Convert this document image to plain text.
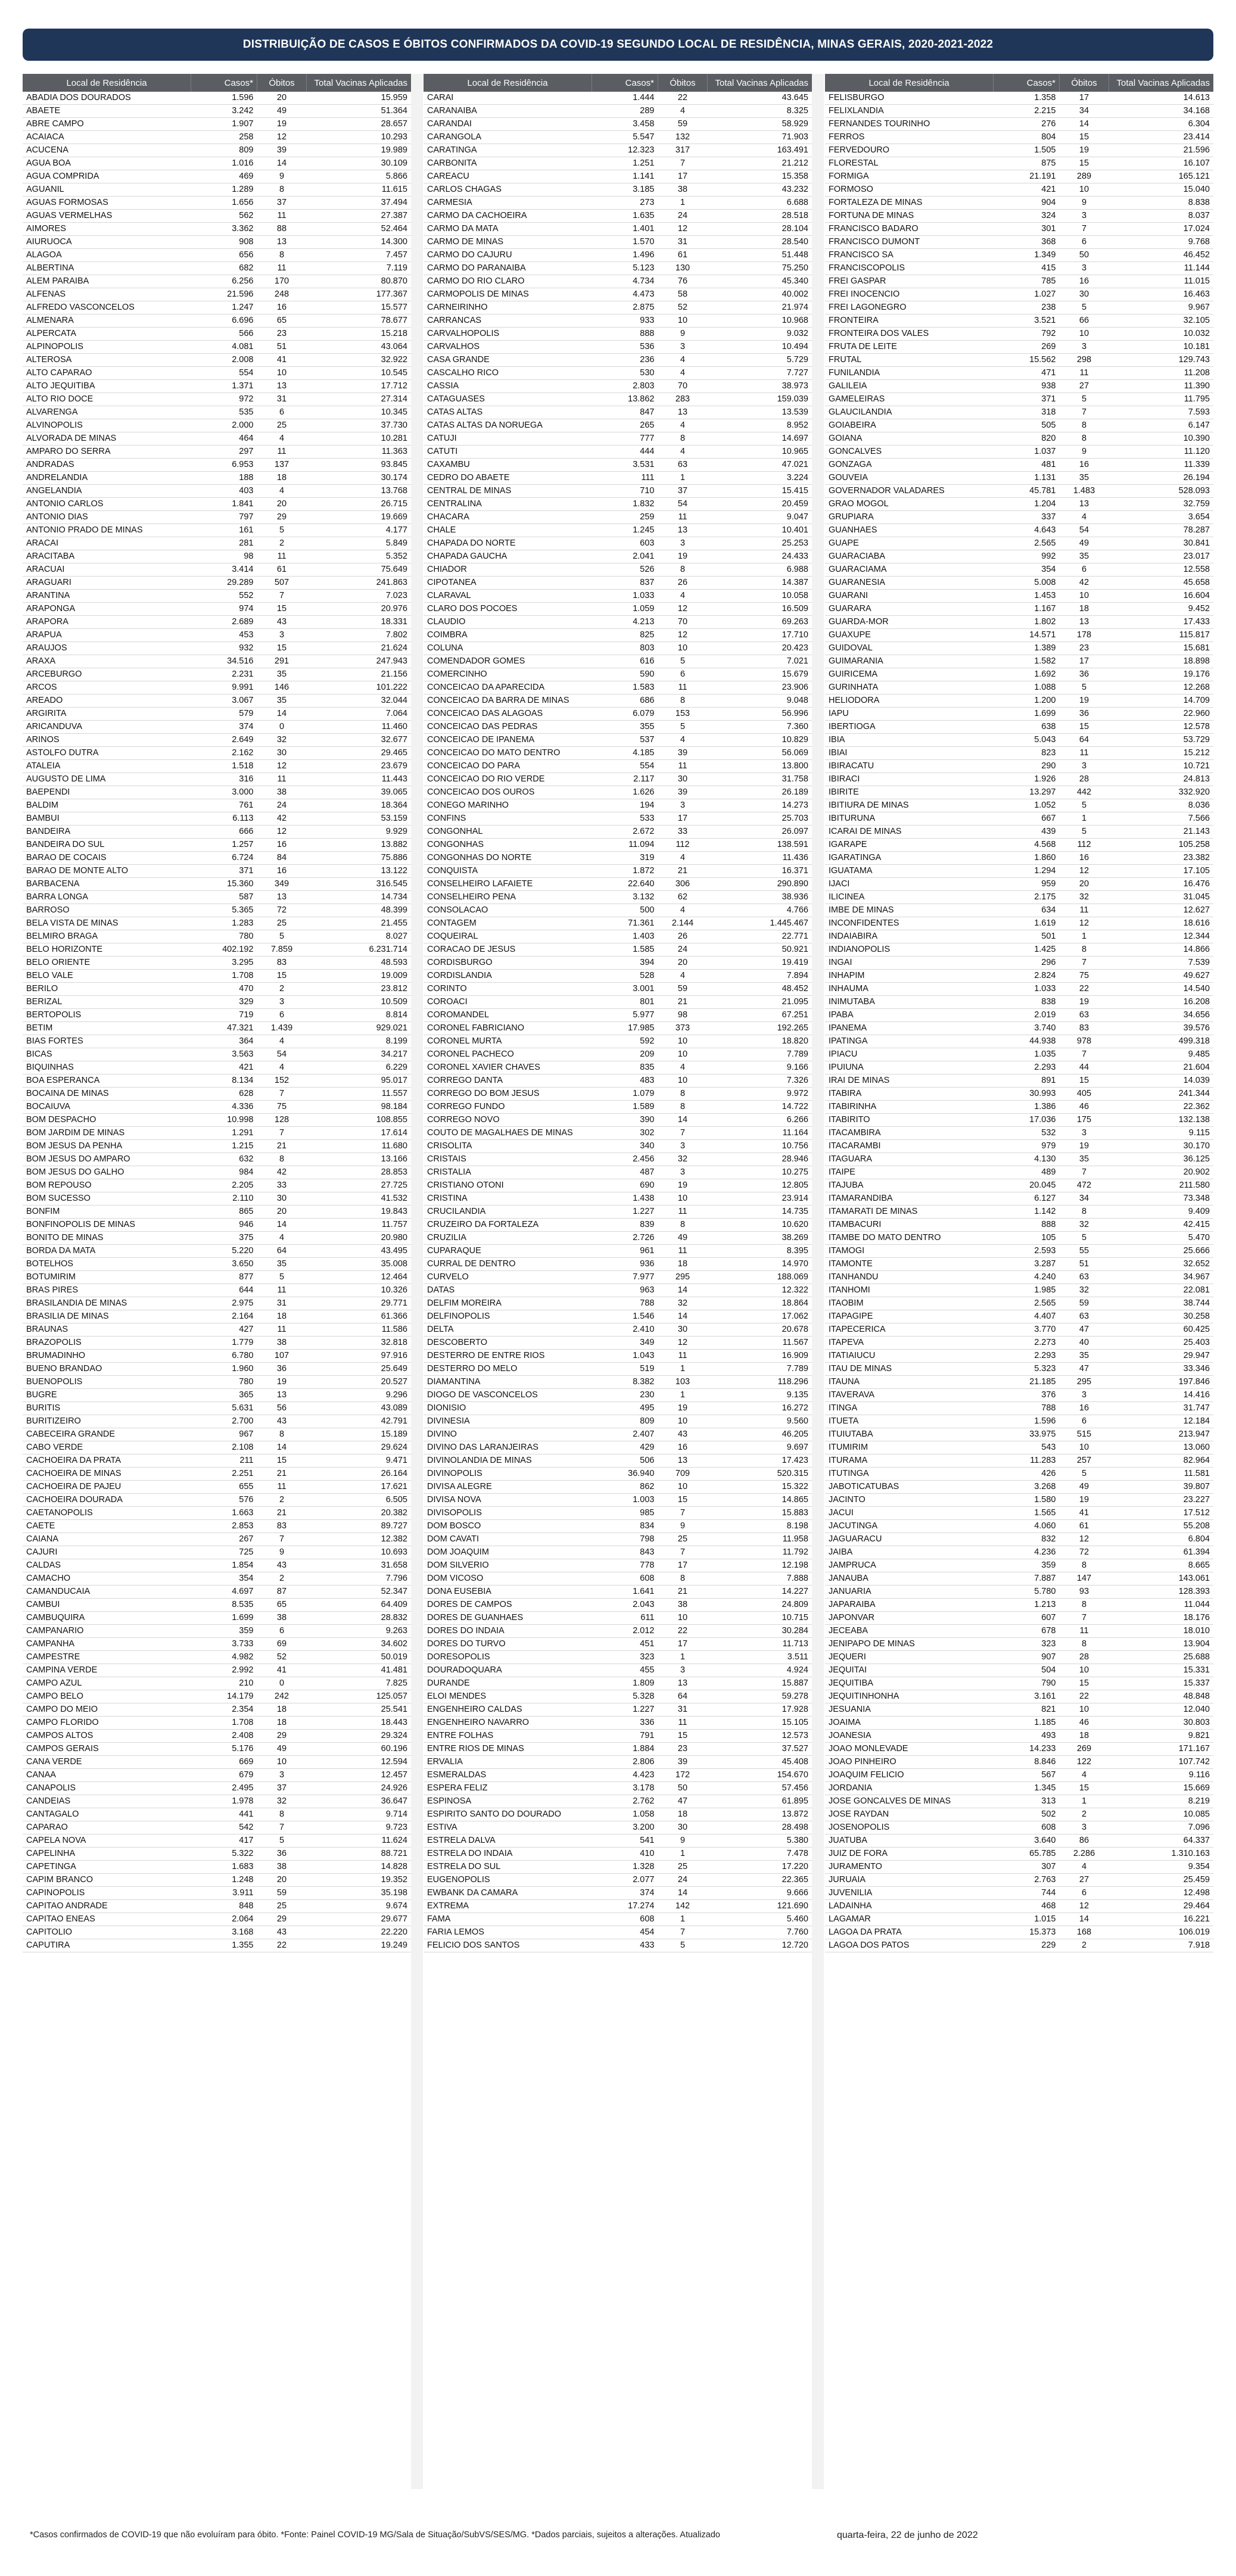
DISTRIBUIÇÃO DE CASOS E ÓBITOS CONFIRMADOS DA COVID-19 SEGUNDO LOCAL DE RESIDÊNCIA, MINAS GERAIS, 2020-2021-2022
Local de Residência	Casos*	Óbitos	Total Vacinas Aplicadas
ABADIA DOS DOURADOS	1.596	20	15.959
ABAETE	3.242	49	51.364
ABRE CAMPO	1.907	19	28.657
ACAIACA	258	12	10.293
ACUCENA	809	39	19.989
AGUA BOA	1.016	14	30.109
AGUA COMPRIDA	469	9	5.866
AGUANIL	1.289	8	11.615
AGUAS FORMOSAS	1.656	37	37.494
AGUAS VERMELHAS	562	11	27.387
AIMORES	3.362	88	52.464
AIURUOCA	908	13	14.300
ALAGOA	656	8	7.457
ALBERTINA	682	11	7.119
ALEM PARAIBA	6.256	170	80.870
ALFENAS	21.596	248	177.367
ALFREDO VASCONCELOS	1.247	16	15.577
ALMENARA	6.696	65	78.677
ALPERCATA	566	23	15.218
ALPINOPOLIS	4.081	51	43.064
ALTEROSA	2.008	41	32.922
ALTO CAPARAO	554	10	10.545
ALTO JEQUITIBA	1.371	13	17.712
ALTO RIO DOCE	972	31	27.314
ALVARENGA	535	6	10.345
ALVINOPOLIS	2.000	25	37.730
ALVORADA DE MINAS	464	4	10.281
AMPARO DO SERRA	297	11	11.363
ANDRADAS	6.953	137	93.845
ANDRELANDIA	188	18	30.174
ANGELANDIA	403	4	13.768
ANTONIO CARLOS	1.841	20	26.715
ANTONIO DIAS	797	29	19.669
ANTONIO PRADO DE MINAS	161	5	4.177
ARACAI	281	2	5.849
ARACITABA	98	11	5.352
ARACUAI	3.414	61	75.649
ARAGUARI	29.289	507	241.863
ARANTINA	552	7	7.023
ARAPONGA	974	15	20.976
ARAPORA	2.689	43	18.331
ARAPUA	453	3	7.802
ARAUJOS	932	15	21.624
ARAXA	34.516	291	247.943
ARCEBURGO	2.231	35	21.156
ARCOS	9.991	146	101.222
AREADO	3.067	35	32.044
ARGIRITA	579	14	7.064
ARICANDUVA	374	0	11.460
ARINOS	2.649	32	32.677
ASTOLFO DUTRA	2.162	30	29.465
ATALEIA	1.518	12	23.679
AUGUSTO DE LIMA	316	11	11.443
BAEPENDI	3.000	38	39.065
BALDIM	761	24	18.364
BAMBUI	6.113	42	53.159
BANDEIRA	666	12	9.929
BANDEIRA DO SUL	1.257	16	13.882
BARAO DE COCAIS	6.724	84	75.886
BARAO DE MONTE ALTO	371	16	13.122
BARBACENA	15.360	349	316.545
BARRA LONGA	587	13	14.734
BARROSO	5.365	72	48.399
BELA VISTA DE MINAS	1.283	25	21.455
BELMIRO BRAGA	780	5	8.027
BELO HORIZONTE	402.192	7.859	6.231.714
BELO ORIENTE	3.295	83	48.593
BELO VALE	1.708	15	19.009
BERILO	470	2	23.812
BERIZAL	329	3	10.509
BERTOPOLIS	719	6	8.814
BETIM	47.321	1.439	929.021
BIAS FORTES	364	4	8.199
BICAS	3.563	54	34.217
BIQUINHAS	421	4	6.229
BOA ESPERANCA	8.134	152	95.017
BOCAINA DE MINAS	628	7	11.557
BOCAIUVA	4.336	75	98.184
BOM DESPACHO	10.998	128	108.855
BOM JARDIM DE MINAS	1.291	7	17.614
BOM JESUS DA PENHA	1.215	21	11.680
BOM JESUS DO AMPARO	632	8	13.166
BOM JESUS DO GALHO	984	42	28.853
BOM REPOUSO	2.205	33	27.725
BOM SUCESSO	2.110	30	41.532
BONFIM	865	20	19.843
BONFINOPOLIS DE MINAS	946	14	11.757
BONITO DE MINAS	375	4	20.980
BORDA DA MATA	5.220	64	43.495
BOTELHOS	3.650	35	35.008
BOTUMIRIM	877	5	12.464
BRAS PIRES	644	11	10.326
BRASILANDIA DE MINAS	2.975	31	29.771
BRASILIA DE MINAS	2.164	18	61.366
BRAUNAS	427	11	11.586
BRAZOPOLIS	1.779	38	32.818
BRUMADINHO	6.780	107	97.916
BUENO BRANDAO	1.960	36	25.649
BUENOPOLIS	780	19	20.527
BUGRE	365	13	9.296
BURITIS	5.631	56	43.089
BURITIZEIRO	2.700	43	42.791
CABECEIRA GRANDE	967	8	15.189
CABO VERDE	2.108	14	29.624
CACHOEIRA DA PRATA	211	15	9.471
CACHOEIRA DE MINAS	2.251	21	26.164
CACHOEIRA DE PAJEU	655	11	17.621
CACHOEIRA DOURADA	576	2	6.505
CAETANOPOLIS	1.663	21	20.382
CAETE	2.853	83	89.727
CAIANA	267	7	12.382
CAJURI	725	9	10.693
CALDAS	1.854	43	31.658
CAMACHO	354	2	7.796
CAMANDUCAIA	4.697	87	52.347
CAMBUI	8.535	65	64.409
CAMBUQUIRA	1.699	38	28.832
CAMPANARIO	359	6	9.263
CAMPANHA	3.733	69	34.602
CAMPESTRE	4.982	52	50.019
CAMPINA VERDE	2.992	41	41.481
CAMPO AZUL	210	0	7.825
CAMPO BELO	14.179	242	125.057
CAMPO DO MEIO	2.354	18	25.541
CAMPO FLORIDO	1.708	18	18.443
CAMPOS ALTOS	2.408	29	29.324
CAMPOS GERAIS	5.176	49	60.196
CANA VERDE	669	10	12.594
CANAA	679	3	12.457
CANAPOLIS	2.495	37	24.926
CANDEIAS	1.978	32	36.647
CANTAGALO	441	8	9.714
CAPARAO	542	7	9.723
CAPELA NOVA	417	5	11.624
CAPELINHA	5.322	36	88.721
CAPETINGA	1.683	38	14.828
CAPIM BRANCO	1.248	20	19.352
CAPINOPOLIS	3.911	59	35.198
CAPITAO ANDRADE	848	25	9.674
CAPITAO ENEAS	2.064	29	29.677
CAPITOLIO	3.168	43	22.220
CAPUTIRA	1.355	22	19.249
Local de Residência	Casos*	Óbitos	Total Vacinas Aplicadas
CARAI	1.444	22	43.645
CARANAIBA	289	4	8.325
CARANDAI	3.458	59	58.929
CARANGOLA	5.547	132	71.903
CARATINGA	12.323	317	163.491
CARBONITA	1.251	7	21.212
CAREACU	1.141	17	15.358
CARLOS CHAGAS	3.185	38	43.232
CARMESIA	273	1	6.688
CARMO DA CACHOEIRA	1.635	24	28.518
CARMO DA MATA	1.401	12	28.104
CARMO DE MINAS	1.570	31	28.540
CARMO DO CAJURU	1.496	61	51.448
CARMO DO PARANAIBA	5.123	130	75.250
CARMO DO RIO CLARO	4.734	76	45.340
CARMOPOLIS DE MINAS	4.473	58	40.002
CARNEIRINHO	2.875	52	21.974
CARRANCAS	933	10	10.968
CARVALHOPOLIS	888	9	9.032
CARVALHOS	536	3	10.494
CASA GRANDE	236	4	5.729
CASCALHO RICO	530	4	7.727
CASSIA	2.803	70	38.973
CATAGUASES	13.862	283	159.039
CATAS ALTAS	847	13	13.539
CATAS ALTAS DA NORUEGA	265	4	8.952
CATUJI	777	8	14.697
CATUTI	444	4	10.965
CAXAMBU	3.531	63	47.021
CEDRO DO ABAETE	111	1	3.224
CENTRAL DE MINAS	710	37	15.415
CENTRALINA	1.832	54	20.459
CHACARA	259	11	9.047
CHALE	1.245	13	10.401
CHAPADA DO NORTE	603	3	25.253
CHAPADA GAUCHA	2.041	19	24.433
CHIADOR	526	8	6.988
CIPOTANEA	837	26	14.387
CLARAVAL	1.033	4	10.058
CLARO DOS POCOES	1.059	12	16.509
CLAUDIO	4.213	70	69.263
COIMBRA	825	12	17.710
COLUNA	803	10	20.423
COMENDADOR GOMES	616	5	7.021
COMERCINHO	590	6	15.679
CONCEICAO DA APARECIDA	1.583	11	23.906
CONCEICAO DA BARRA DE MINAS	686	8	9.048
CONCEICAO DAS ALAGOAS	6.079	153	56.996
CONCEICAO DAS PEDRAS	355	5	7.360
CONCEICAO DE IPANEMA	537	4	10.829
CONCEICAO DO MATO DENTRO	4.185	39	56.069
CONCEICAO DO PARA	554	11	13.800
CONCEICAO DO RIO VERDE	2.117	30	31.758
CONCEICAO DOS OUROS	1.626	39	26.189
CONEGO MARINHO	194	3	14.273
CONFINS	533	17	25.703
CONGONHAL	2.672	33	26.097
CONGONHAS	11.094	112	138.591
CONGONHAS DO NORTE	319	4	11.436
CONQUISTA	1.872	21	16.371
CONSELHEIRO LAFAIETE	22.640	306	290.890
CONSELHEIRO PENA	3.132	62	38.936
CONSOLACAO	500	4	4.766
CONTAGEM	71.361	2.144	1.445.467
COQUEIRAL	1.403	26	22.771
CORACAO DE JESUS	1.585	24	50.921
CORDISBURGO	394	20	19.419
CORDISLANDIA	528	4	7.894
CORINTO	3.001	59	48.452
COROACI	801	21	21.095
COROMANDEL	5.977	98	67.251
CORONEL FABRICIANO	17.985	373	192.265
CORONEL MURTA	592	10	18.820
CORONEL PACHECO	209	10	7.789
CORONEL XAVIER CHAVES	835	4	9.166
CORREGO DANTA	483	10	7.326
CORREGO DO BOM JESUS	1.079	8	9.972
CORREGO FUNDO	1.589	8	14.722
CORREGO NOVO	390	14	6.266
COUTO DE MAGALHAES DE MINAS	302	7	11.164
CRISOLITA	340	3	10.756
CRISTAIS	2.456	32	28.946
CRISTALIA	487	3	10.275
CRISTIANO OTONI	690	19	12.805
CRISTINA	1.438	10	23.914
CRUCILANDIA	1.227	11	14.735
CRUZEIRO DA FORTALEZA	839	8	10.620
CRUZILIA	2.726	49	38.269
CUPARAQUE	961	11	8.395
CURRAL DE DENTRO	936	18	14.970
CURVELO	7.977	295	188.069
DATAS	963	14	12.322
DELFIM MOREIRA	788	32	18.864
DELFINOPOLIS	1.546	14	17.062
DELTA	2.410	30	20.678
DESCOBERTO	349	12	11.567
DESTERRO DE ENTRE RIOS	1.043	11	16.909
DESTERRO DO MELO	519	1	7.789
DIAMANTINA	8.382	103	118.296
DIOGO DE VASCONCELOS	230	1	9.135
DIONISIO	495	19	16.272
DIVINESIA	809	10	9.560
DIVINO	2.407	43	46.205
DIVINO DAS LARANJEIRAS	429	16	9.697
DIVINOLANDIA DE MINAS	506	13	17.423
DIVINOPOLIS	36.940	709	520.315
DIVISA ALEGRE	862	10	15.322
DIVISA NOVA	1.003	15	14.865
DIVISOPOLIS	985	7	15.883
DOM BOSCO	834	9	8.198
DOM CAVATI	798	25	11.958
DOM JOAQUIM	843	7	11.792
DOM SILVERIO	778	17	12.198
DOM VICOSO	608	8	7.888
DONA EUSEBIA	1.641	21	14.227
DORES DE CAMPOS	2.043	38	24.809
DORES DE GUANHAES	611	10	10.715
DORES DO INDAIA	2.012	22	30.284
DORES DO TURVO	451	17	11.713
DORESOPOLIS	323	1	3.511
DOURADOQUARA	455	3	4.924
DURANDE	1.809	13	15.887
ELOI MENDES	5.328	64	59.278
ENGENHEIRO CALDAS	1.227	31	17.928
ENGENHEIRO NAVARRO	336	11	15.105
ENTRE FOLHAS	791	15	12.573
ENTRE RIOS DE MINAS	1.884	23	37.527
ERVALIA	2.806	39	45.408
ESMERALDAS	4.423	172	154.670
ESPERA FELIZ	3.178	50	57.456
ESPINOSA	2.762	47	61.895
ESPIRITO SANTO DO DOURADO	1.058	18	13.872
ESTIVA	3.200	30	28.498
ESTRELA DALVA	541	9	5.380
ESTRELA DO INDAIA	410	1	7.478
ESTRELA DO SUL	1.328	25	17.220
EUGENOPOLIS	2.077	24	22.365
EWBANK DA CAMARA	374	14	9.666
EXTREMA	17.274	142	121.690
FAMA	608	1	5.460
FARIA LEMOS	454	7	7.760
FELICIO DOS SANTOS	433	5	12.720
Local de Residência	Casos*	Óbitos	Total Vacinas Aplicadas
FELISBURGO	1.358	17	14.613
FELIXLANDIA	2.215	34	34.168
FERNANDES TOURINHO	276	14	6.304
FERROS	804	15	23.414
FERVEDOURO	1.505	19	21.596
FLORESTAL	875	15	16.107
FORMIGA	21.191	289	165.121
FORMOSO	421	10	15.040
FORTALEZA DE MINAS	904	9	8.838
FORTUNA DE MINAS	324	3	8.037
FRANCISCO BADARO	301	7	17.024
FRANCISCO DUMONT	368	6	9.768
FRANCISCO SA	1.349	50	46.452
FRANCISCOPOLIS	415	3	11.144
FREI GASPAR	785	16	11.015
FREI INOCENCIO	1.027	30	16.463
FREI LAGONEGRO	238	5	9.967
FRONTEIRA	3.521	66	32.105
FRONTEIRA DOS VALES	792	10	10.032
FRUTA DE LEITE	269	3	10.181
FRUTAL	15.562	298	129.743
FUNILANDIA	471	11	11.208
GALILEIA	938	27	11.390
GAMELEIRAS	371	5	11.795
GLAUCILANDIA	318	7	7.593
GOIABEIRA	505	8	6.147
GOIANA	820	8	10.390
GONCALVES	1.037	9	11.120
GONZAGA	481	16	11.339
GOUVEIA	1.131	35	26.194
GOVERNADOR VALADARES	45.781	1.483	528.093
GRAO MOGOL	1.204	13	32.759
GRUPIARA	337	4	3.654
GUANHAES	4.643	54	78.287
GUAPE	2.565	49	30.841
GUARACIABA	992	35	23.017
GUARACIAMA	354	6	12.558
GUARANESIA	5.008	42	45.658
GUARANI	1.453	10	16.604
GUARARA	1.167	18	9.452
GUARDA-MOR	1.802	13	17.433
GUAXUPE	14.571	178	115.817
GUIDOVAL	1.389	23	15.681
GUIMARANIA	1.582	17	18.898
GUIRICEMA	1.692	36	19.176
GURINHATA	1.088	5	12.268
HELIODORA	1.200	19	14.709
IAPU	1.699	36	22.960
IBERTIOGA	638	15	12.578
IBIA	5.043	64	53.729
IBIAI	823	11	15.212
IBIRACATU	290	3	10.721
IBIRACI	1.926	28	24.813
IBIRITE	13.297	442	332.920
IBITIURA DE MINAS	1.052	5	8.036
IBITURUNA	667	1	7.566
ICARAI DE MINAS	439	5	21.143
IGARAPE	4.568	112	105.258
IGARATINGA	1.860	16	23.382
IGUATAMA	1.294	12	17.105
IJACI	959	20	16.476
ILICINEA	2.175	32	31.045
IMBE DE MINAS	634	11	12.627
INCONFIDENTES	1.619	12	18.616
INDAIABIRA	501	1	12.344
INDIANOPOLIS	1.425	8	14.866
INGAI	296	7	7.539
INHAPIM	2.824	75	49.627
INHAUMA	1.033	22	14.540
INIMUTABA	838	19	16.208
IPABA	2.019	63	34.656
IPANEMA	3.740	83	39.576
IPATINGA	44.938	978	499.318
IPIACU	1.035	7	9.485
IPUIUNA	2.293	44	21.604
IRAI DE MINAS	891	15	14.039
ITABIRA	30.993	405	241.344
ITABIRINHA	1.386	46	22.362
ITABIRITO	17.036	175	132.138
ITACAMBIRA	532	3	9.115
ITACARAMBI	979	19	30.170
ITAGUARA	4.130	35	36.125
ITAIPE	489	7	20.902
ITAJUBA	20.045	472	211.580
ITAMARANDIBA	6.127	34	73.348
ITAMARATI DE MINAS	1.142	8	9.409
ITAMBACURI	888	32	42.415
ITAMBE DO MATO DENTRO	105	5	5.470
ITAMOGI	2.593	55	25.666
ITAMONTE	3.287	51	32.652
ITANHANDU	4.240	63	34.967
ITANHOMI	1.985	32	22.081
ITAOBIM	2.565	59	38.744
ITAPAGIPE	4.407	63	30.258
ITAPECERICA	3.770	47	60.425
ITAPEVA	2.273	40	25.403
ITATIAIUCU	2.293	35	29.947
ITAU DE MINAS	5.323	47	33.346
ITAUNA	21.185	295	197.846
ITAVERAVA	376	3	14.416
ITINGA	788	16	31.747
ITUETA	1.596	6	12.184
ITUIUTABA	33.975	515	213.947
ITUMIRIM	543	10	13.060
ITURAMA	11.283	257	82.964
ITUTINGA	426	5	11.581
JABOTICATUBAS	3.268	49	39.807
JACINTO	1.580	19	23.227
JACUI	1.565	41	17.512
JACUTINGA	4.060	61	55.208
JAGUARACU	832	12	6.804
JAIBA	4.236	72	61.394
JAMPRUCA	359	8	8.665
JANAUBA	7.887	147	143.061
JANUARIA	5.780	93	128.393
JAPARAIBA	1.213	8	11.044
JAPONVAR	607	7	18.176
JECEABA	678	11	18.010
JENIPAPO DE MINAS	323	8	13.904
JEQUERI	907	28	25.688
JEQUITAI	504	10	15.331
JEQUITIBA	790	15	15.337
JEQUITINHONHA	3.161	22	48.848
JESUANIA	821	10	12.040
JOAIMA	1.185	46	30.803
JOANESIA	493	18	9.821
JOAO MONLEVADE	14.233	269	171.167
JOAO PINHEIRO	8.846	122	107.742
JOAQUIM FELICIO	567	4	9.116
JORDANIA	1.345	15	15.669
JOSE GONCALVES DE MINAS	313	1	8.219
JOSE RAYDAN	502	2	10.085
JOSENOPOLIS	608	3	7.096
JUATUBA	3.640	86	64.337
JUIZ DE FORA	65.785	2.286	1.310.163
JURAMENTO	307	4	9.354
JURUAIA	2.763	27	25.459
JUVENILIA	744	6	12.498
LADAINHA	468	12	29.464
LAGAMAR	1.015	14	16.221
LAGOA DA PRATA	15.373	168	106.019
LAGOA DOS PATOS	229	2	7.918
*Casos confirmados de COVID-19 que não evoluíram para óbito. *Fonte: Painel COVID-19 MG/Sala de Situação/SubVS/SES/MG. *Dados parciais, sujeitos a alterações. Atualizado	quarta-feira, 22 de junho de 2022
